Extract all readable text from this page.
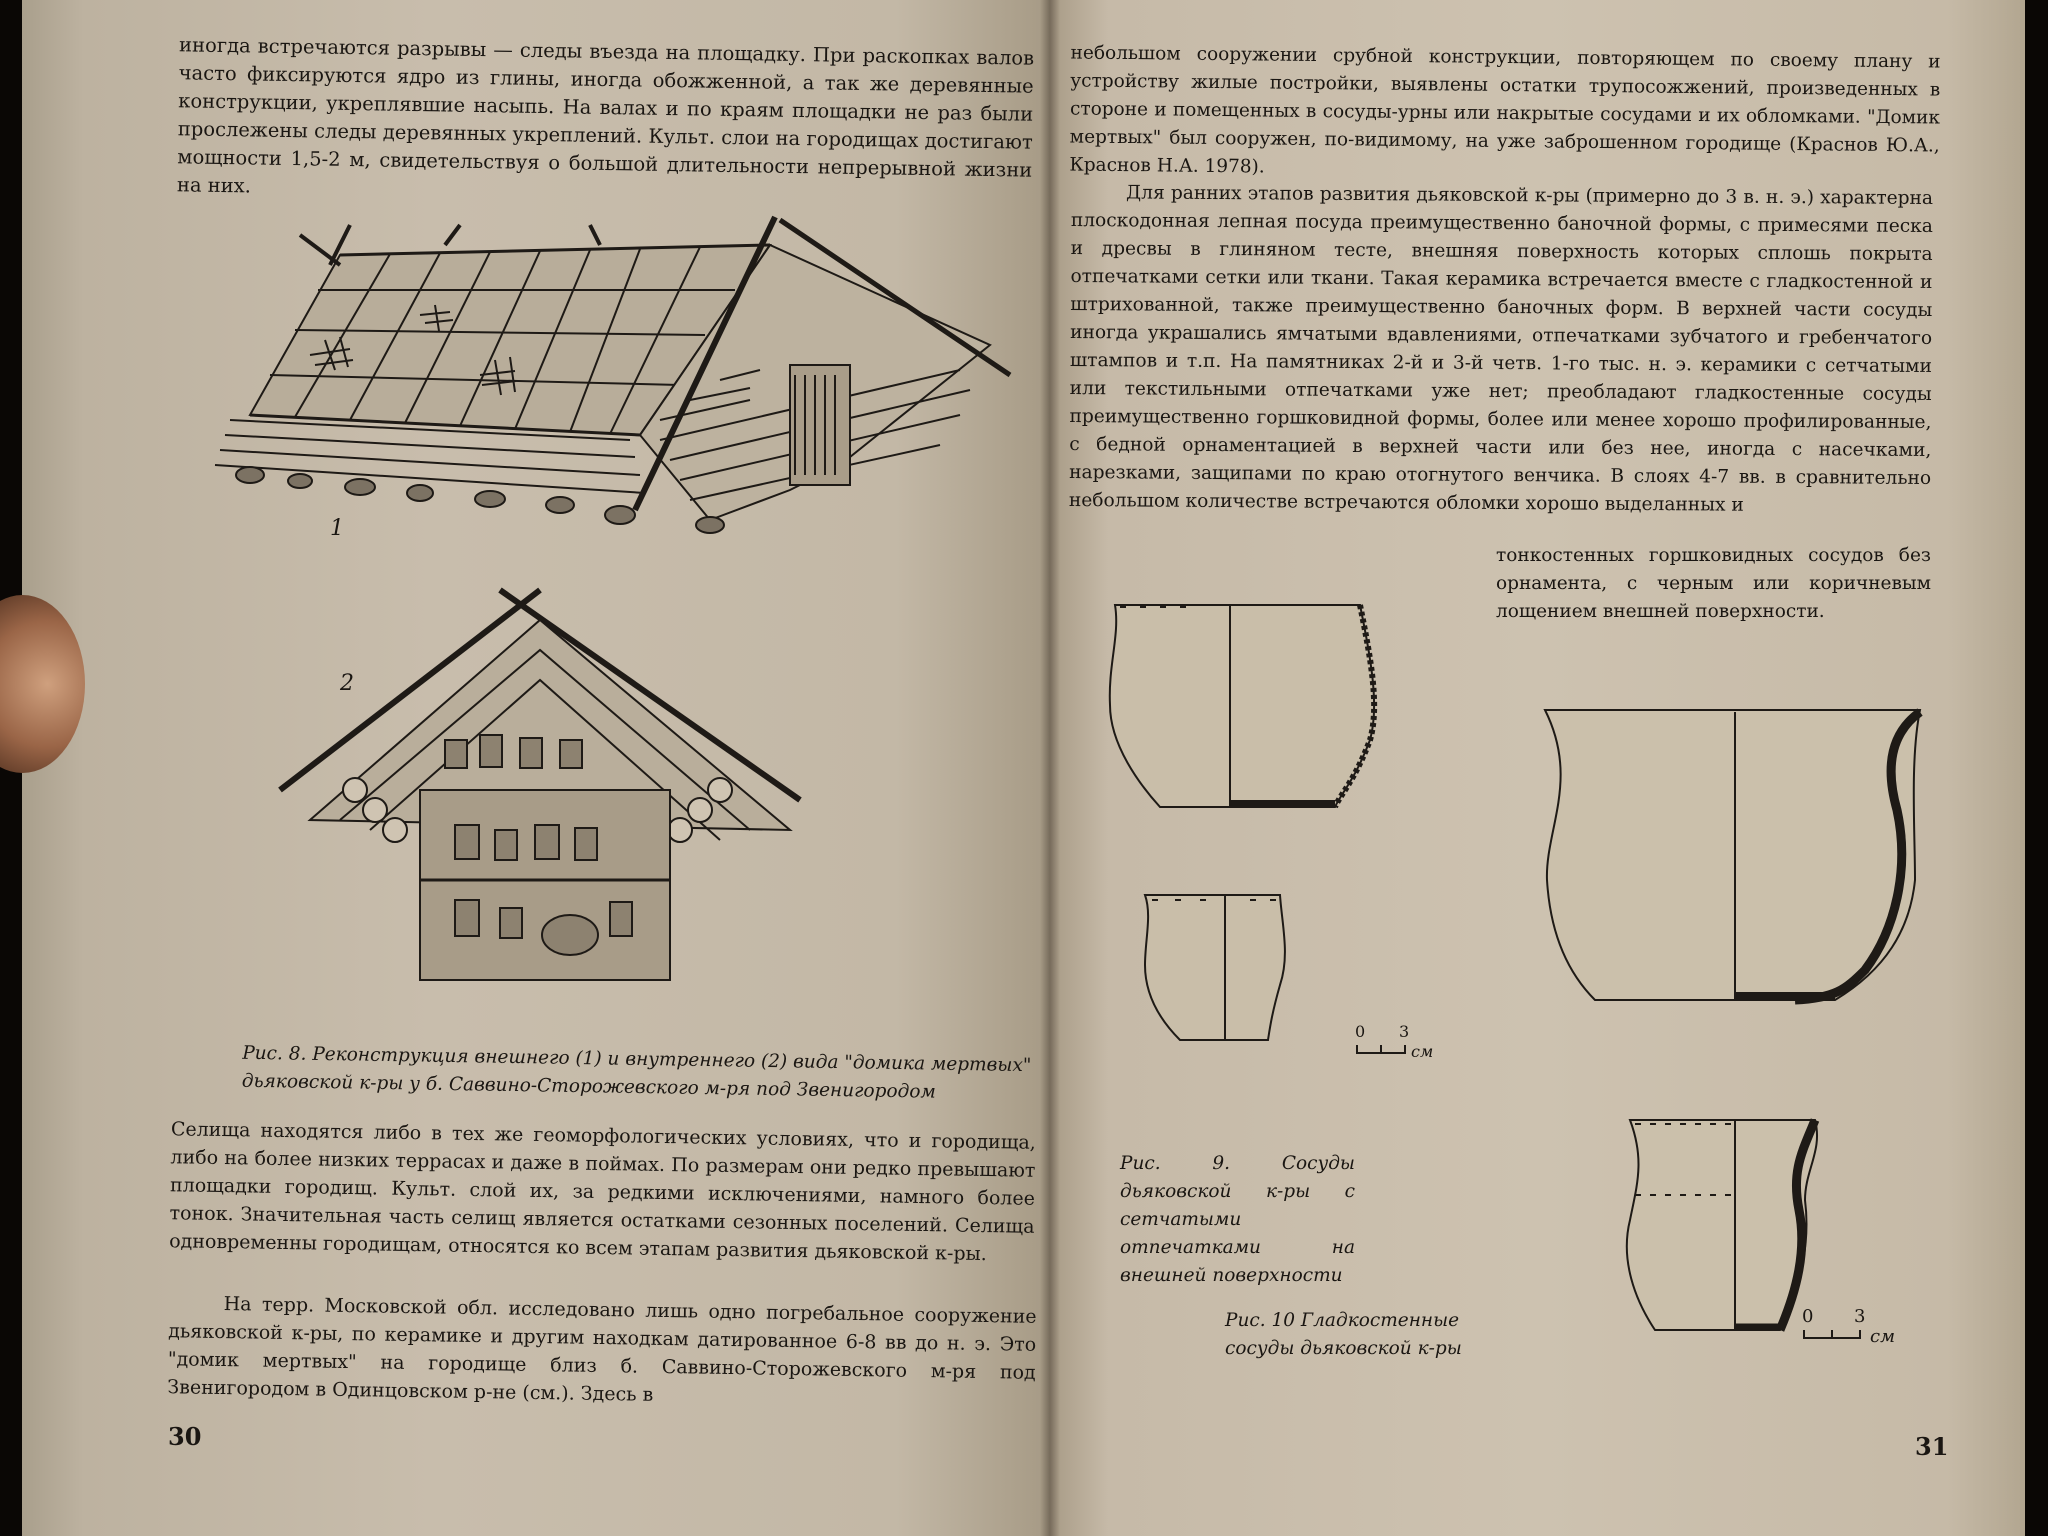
иногда встречаются разрывы — следы въезда на площадку. При раскопках валов часто фиксируются ядро из глины, иногда обожженной, а так же деревянные конструкции, укреплявшие насыпь. На валах и по краям площадки не раз были прослежены следы деревянных укреплений. Культ. слои на городищах достигают мощности 1,5-2 м, свидетельствуя о большой длительности непрерывной жизни на них.
1
2
Рис. 8. Реконструкция внешнего (1) и внутреннего (2) вида "домика мертвых" дьяковской к-ры у б. Саввино-Сторожевского м-ря под Звенигородом
Селища находятся либо в тех же геоморфологических условиях, что и городища, либо на более низких террасах и даже в поймах. По размерам они редко превышают площадки городищ. Культ. слой их, за редкими исключениями, намного более тонок. Значительная часть селищ является остатками сезонных поселений. Селища одновременны городищам, относятся ко всем этапам развития дьяковской к-ры.
На терр. Московской обл. исследовано лишь одно погребальное сооружение дьяковской к-ры, по керамике и другим находкам датированное 6-8 вв до н. э. Это "домик мертвых" на городище близ б. Саввино-Сторожевского м-ря под Звенигородом в Одинцовском р-не (см.). Здесь в
30
небольшом сооружении срубной конструкции, повторяющем по своему плану и устройству жилые постройки, выявлены остатки трупосожжений, произведенных в стороне и помещенных в сосуды-урны или накрытые сосудами и их обломками. "Домик мертвых" был сооружен, по-видимому, на уже заброшенном городище (Краснов Ю.А., Краснов Н.А. 1978).
Для ранних этапов развития дьяковской к-ры (примерно до 3 в. н. э.) характерна плоскодонная лепная посуда преимущественно баночной формы, с примесями песка и дресвы в глиняном тесте, внешняя поверхность которых сплошь покрыта отпечатками сетки или ткани. Такая керамика встречается вместе с гладкостенной и штрихованной, также преимущественно баночных форм. В верхней части сосуды иногда украшались ямчатыми вдавлениями, отпечатками зубчатого и гребенчатого штампов и т.п. На памятниках 2-й и 3-й четв. 1-го тыс. н. э. керамики с сетчатыми или текстильными отпечатками уже нет; преобладают гладкостенные сосуды преимущественно горшковидной формы, более или менее хорошо профилированные, с бедной орнаментацией в верхней части или без нее, иногда с насечками, нарезками, защипами по краю отогнутого венчика. В слоях 4-7 вв. в сравнительно небольшом количестве встречаются обломки хорошо выделанных и
тонкостенных горшковидных сосудов без орнамента, с черным или коричневым лощением внешней поверхности.
0 3
см
Рис. 9. Сосуды дьяковской к-ры с сетчатыми отпечатками на внешней поверхности
0 3
см
Рис. 10 Гладкостенные сосуды дьяковской к-ры
31
